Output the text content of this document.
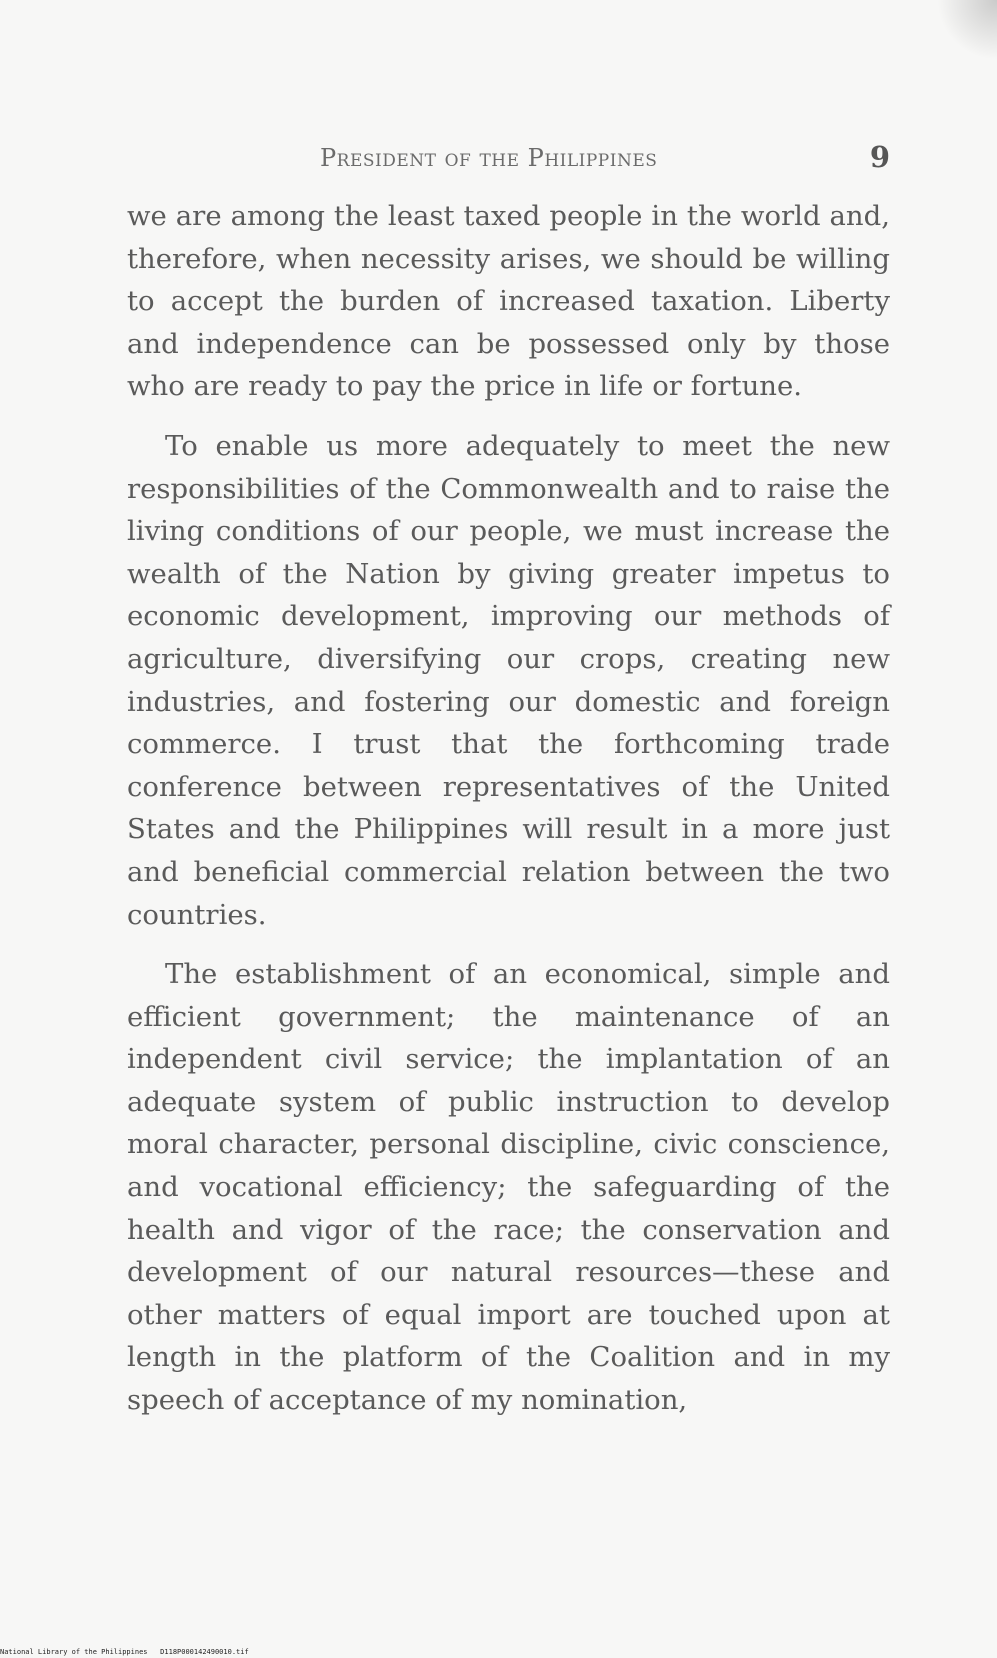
President of the Philippines	9

we are among the least taxed people in the world and, therefore, when necessity arises, we should be willing to accept the burden of increased taxation. Liberty and independence can be possessed only by those who are ready to pay the price in life or fortune.

To enable us more adequately to meet the new responsibilities of the Commonwealth and to raise the living conditions of our people, we must increase the wealth of the Nation by giving greater impetus to economic development, improving our methods of agriculture, diversifying our crops, creating new industries, and fostering our domestic and foreign commerce. I trust that the forthcoming trade conference between representatives of the United States and the Philippines will result in a more just and beneficial commercial relation between the two countries.

The establishment of an economical, simple and efficient government; the maintenance of an independent civil service; the implantation of an adequate system of public instruction to develop moral character, personal discipline, civic conscience, and vocational efficiency; the safeguarding of the health and vigor of the race; the conservation and development of our natural resources—these and other matters of equal import are touched upon at length in the platform of the Coalition and in my speech of acceptance of my nomination,

National Library of the Philippines D118P000142490010.tif
